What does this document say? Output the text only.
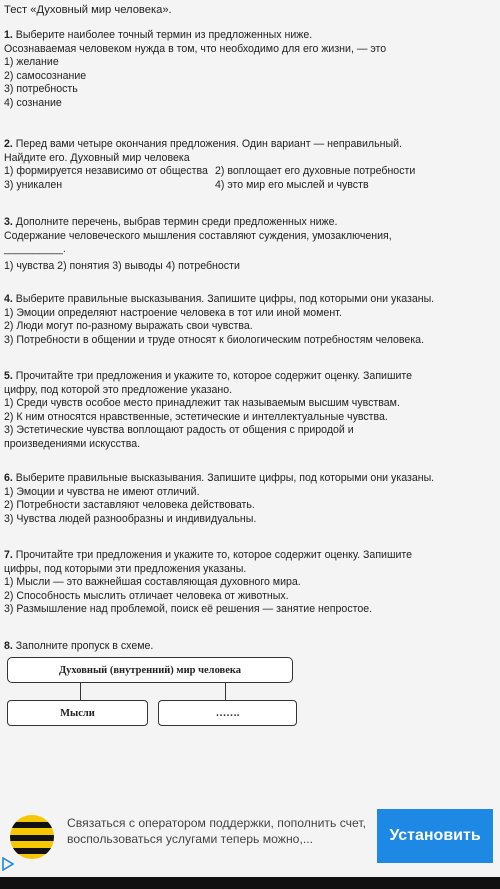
Тест «Духовный мир человека».
1. Выберите наиболее точный термин из предложенных ниже.
Осознаваемая человеком нужда в том, что необходимо для его жизни, — это
1) желание
2) самосознание
3) потребность
4) сознание
2. Перед вами четыре окончания предложения. Один вариант — неправильный.
Найдите его. Духовный мир человека
1) формируется независимо от общества 2) воплощает его духовные потребности
3) уникален	4) это мир его мыслей и чувств
3. Дополните перечень, выбрав термин среди предложенных ниже.
Содержание человеческого мышления составляют суждения, умозаключения,
__________.
1) чувства 2) понятия 3) выводы 4) потребности
4. Выберите правильные высказывания. Запишите цифры, под которыми они указаны.
1) Эмоции определяют настроение человека в тот или иной момент.
2) Люди могут по-разному выражать свои чувства.
3) Потребности в общении и труде относят к биологическим потребностям человека.
5. Прочитайте три предложения и укажите то, которое содержит оценку. Запишите
цифру, под которой это предложение указано.
1) Среди чувств особое место принадлежит так называемым высшим чувствам.
2) К ним относятся нравственные, эстетические и интеллектуальные чувства.
3) Эстетические чувства воплощают радость от общения с природой и
произведениями искусства.
6. Выберите правильные высказывания. Запишите цифры, под которыми они указаны.
1) Эмоции и чувства не имеют отличий.
2) Потребности заставляют человека действовать.
3) Чувства людей разнообразны и индивидуальны.
7. Прочитайте три предложения и укажите то, которое содержит оценку. Запишите
цифры, под которыми эти предложения указаны.
1) Мысли — это важнейшая составляющая духовного мира.
2) Способность мыслить отличает человека от животных.
3) Размышление над проблемой, поиск её решения — занятие непростое.
8. Заполните пропуск в схеме.
Духовный (внутренний) мир человека
Мысли	…….
Связаться с оператором поддержки, пополнить счет, воспользоваться услугами теперь можно,...	Установить
